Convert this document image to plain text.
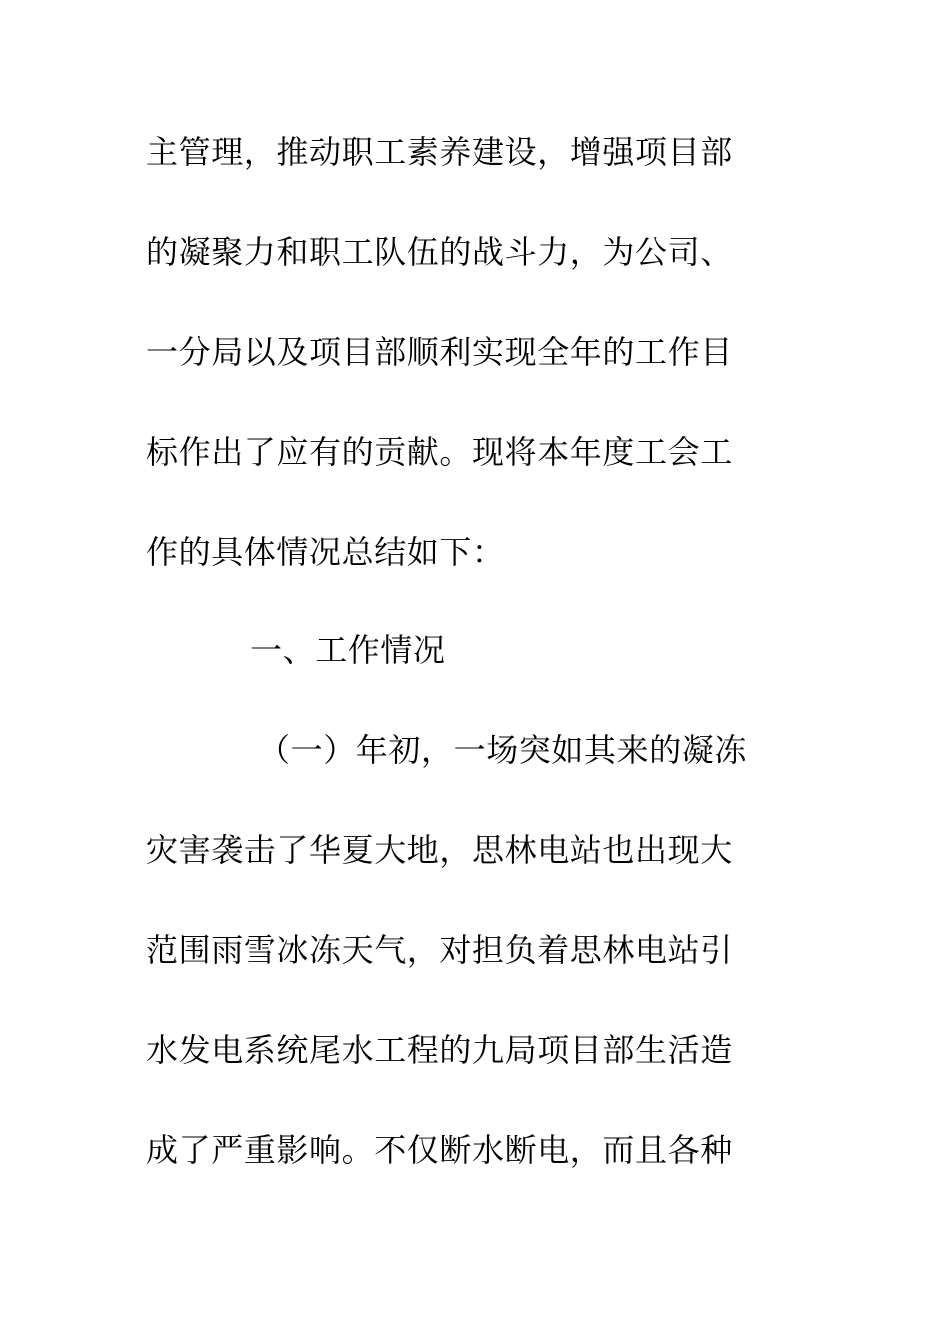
主管理，推动职工素养建设，增强项目部
的凝聚力和职工队伍的战斗力，为公司、
一分局以及项目部顺利实现全年的工作目
标作出了应有的贡献。现将本年度工会工
作的具体情况总结如下：
一、工作情况
（一）年初，一场突如其来的凝冻
灾害袭击了华夏大地，思林电站也出现大
范围雨雪冰冻天气，对担负着思林电站引
水发电系统尾水工程的九局项目部生活造
成了严重影响。不仅断水断电，而且各种
